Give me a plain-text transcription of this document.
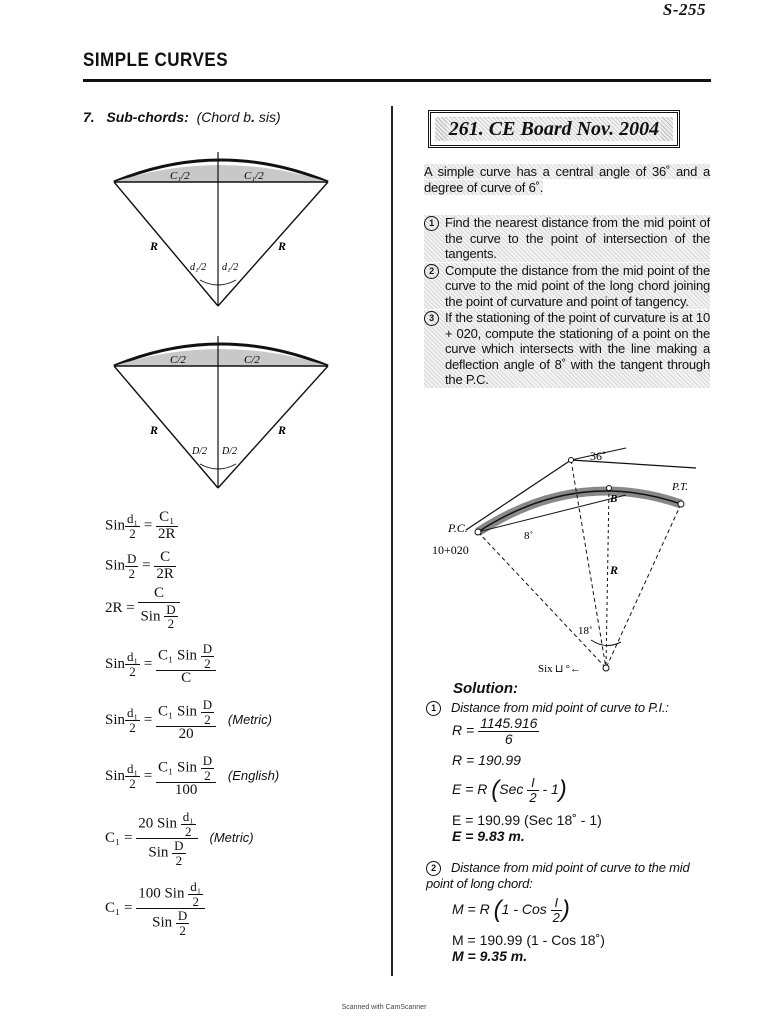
S-255
SIMPLE CURVES
7. Sub-chords: (Chord b. sis)
C₁/2	C₁/2
R	R
d₁/2 d₁/2
C/2	C/2
R	R
D/2 D/2
Sin $\frac{\text{d₁}}{2} = \frac{\text{C₁}}{2R}$
Sin $\frac{D}{2} = \frac{C}{2R}$
$2R = \frac{C}{Sin \frac{D}{2}}$
Sin $\frac{\text{d₁}}{2} = \frac{C_1 Sin \frac{D}{2}}{C}$
Sin $\frac{\text{d₁}}{2} = \frac{C_1 Sin \frac{D}{2}}{20}$ (Metric)
Sin $\frac{\text{d₁}}{2} = \frac{C_1 Sin \frac{D}{2}}{100}$ (English)
$C_1 = \frac{20 Sin \frac{\text{d₁}}{2}}{Sin \frac{D}{2}}$ (Metric)
$C_1 = \frac{100 Sin \frac{\text{d₁}}{2}}{Sin \frac{D}{2}}$
261. CE Board Nov. 2004
A simple curve has a central angle of 36˚ and a degree of curve of 6˚.
1 Find the nearest distance from the mid point of the curve to the point of intersection of the tangents.
2 Compute the distance from the mid point of the curve to the mid point of the long chord joining the point of curvature and point of tangency.
3 If the stationing of the point of curvature is at 10 + 020, compute the stationing of a point on the curve which intersects with the line making a deflection angle of 8˚ with the tangent through the P.C.
36˚
P.T.
P.C.
10+020
8˚
B
R
18˚
Six ⊔ °←
Solution:
1 Distance from mid point of curve to P.I.:
$R = \frac{1145.916}{6}$
R = 190.99
E = R $(Sec \frac{I}{2} - 1)$
E = 190.99 (Sec 18˚ - 1)
E = 9.83 m.
2 Distance from mid point of curve to the mid point of long chord:
M = R (1 - Cos $\frac{I}{2}$ )
M = 190.99 (1 - Cos 18˚)
M = 9.35 m.
Scanned with CamScanner
